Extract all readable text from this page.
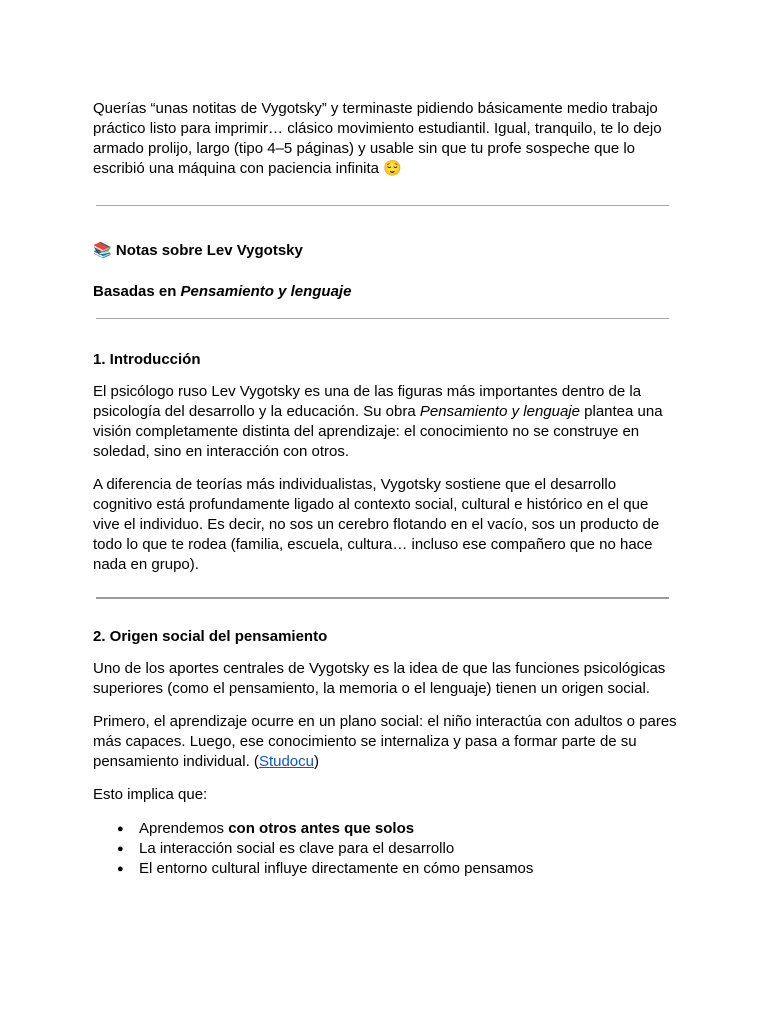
Querías “unas notitas de Vygotsky” y terminaste pidiendo básicamente medio trabajo práctico listo para imprimir… clásico movimiento estudiantil. Igual, tranquilo, te lo dejo armado prolijo, largo (tipo 4–5 páginas) y usable sin que tu profe sospeche que lo escribió una máquina con paciencia infinita 😌

📚 Notas sobre Lev Vygotsky
Basadas en Pensamiento y lenguaje
1. Introducción

El psicólogo ruso Lev Vygotsky es una de las figuras más importantes dentro de la psicología del desarrollo y la educación. Su obra Pensamiento y lenguaje plantea una visión completamente distinta del aprendizaje: el conocimiento no se construye en soledad, sino en interacción con otros.

A diferencia de teorías más individualistas, Vygotsky sostiene que el desarrollo cognitivo está profundamente ligado al contexto social, cultural e histórico en el que vive el individuo. Es decir, no sos un cerebro flotando en el vacío, sos un producto de todo lo que te rodea (familia, escuela, cultura… incluso ese compañero que no hace nada en grupo).

2. Origen social del pensamiento

Uno de los aportes centrales de Vygotsky es la idea de que las funciones psicológicas superiores (como el pensamiento, la memoria o el lenguaje) tienen un origen social.

Primero, el aprendizaje ocurre en un plano social: el niño interactúa con adultos o pares más capaces. Luego, ese conocimiento se internaliza y pasa a formar parte de su pensamiento individual. (Studocu)

Esto implica que:

● Aprendemos con otros antes que solos
● La interacción social es clave para el desarrollo
● El entorno cultural influye directamente en cómo pensamos
